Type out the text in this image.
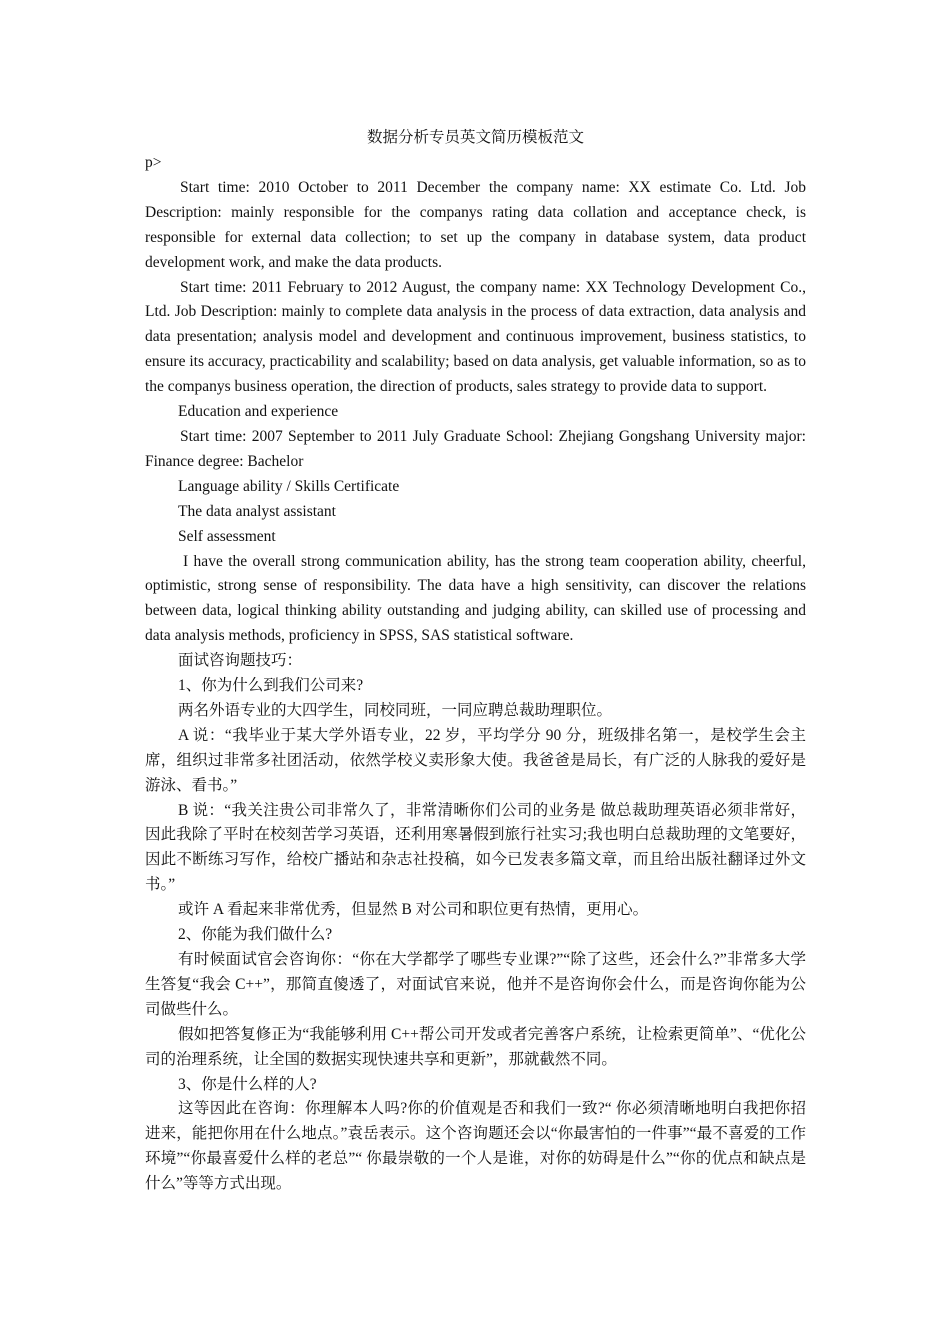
数据分析专员英文简历模板范文

p>

Start time: 2010 October to 2011 December the company name: XX estimate Co. Ltd. Job Description: mainly responsible for the companys rating data collation and acceptance check, is responsible for external data collection; to set up the company in database system, data product development work, and make the data products.

Start time: 2011 February to 2012 August, the company name: XX Technology Development Co., Ltd. Job Description: mainly to complete data analysis in the process of data extraction, data analysis and data presentation; analysis model and development and continuous improvement, business statistics, to ensure its accuracy, practicability and scalability; based on data analysis, get valuable information, so as to the companys business operation, the direction of products, sales strategy to provide data to support.

Education and experience

Start time: 2007 September to 2011 July Graduate School: Zhejiang Gongshang University major: Finance degree: Bachelor

Language ability / Skills Certificate

The data analyst assistant

Self assessment

I have the overall strong communication ability, has the strong team cooperation ability, cheerful, optimistic, strong sense of responsibility. The data have a high sensitivity, can discover the relations between data, logical thinking ability outstanding and judging ability, can skilled use of processing and data analysis methods, proficiency in SPSS, SAS statistical software.

面试咨询题技巧：

1、你为什么到我们公司来?

两名外语专业的大四学生，同校同班，一同应聘总裁助理职位。

A 说：“我毕业于某大学外语专业，22 岁，平均学分 90 分，班级排名第一，是校学生会主席，组织过非常多社团活动，依然学校义卖形象大使。我爸爸是局长，有广泛的人脉我的爱好是游泳、看书。”

B 说：“我关注贵公司非常久了，非常清晰你们公司的业务是 做总裁助理英语必须非常好，因此我除了平时在校刻苦学习英语，还利用寒暑假到旅行社实习;我也明白总裁助理的文笔要好，因此不断练习写作，给校广播站和杂志社投稿，如今已发表多篇文章，而且给出版社翻译过外文书。”

或许 A 看起来非常优秀，但显然 B 对公司和职位更有热情，更用心。

2、你能为我们做什么?

有时候面试官会咨询你：“你在大学都学了哪些专业课?”“除了这些，还会什么?”非常多大学生答复“我会 C++”，那简直傻透了，对面试官来说，他并不是咨询你会什么，而是咨询你能为公司做些什么。

假如把答复修正为“我能够利用 C++帮公司开发或者完善客户系统，让检索更简单”、“优化公司的治理系统，让全国的数据实现快速共享和更新”，那就截然不同。

3、你是什么样的人?

这等因此在咨询：你理解本人吗?你的价值观是否和我们一致?“ 你必须清晰地明白我把你招进来，能把你用在什么地点。”袁岳表示。这个咨询题还会以“你最害怕的一件事”“最不喜爱的工作环境”“你最喜爱什么样的老总”“ 你最崇敬的一个人是谁，对你的妨碍是什么”“你的优点和缺点是什么”等等方式出现。
